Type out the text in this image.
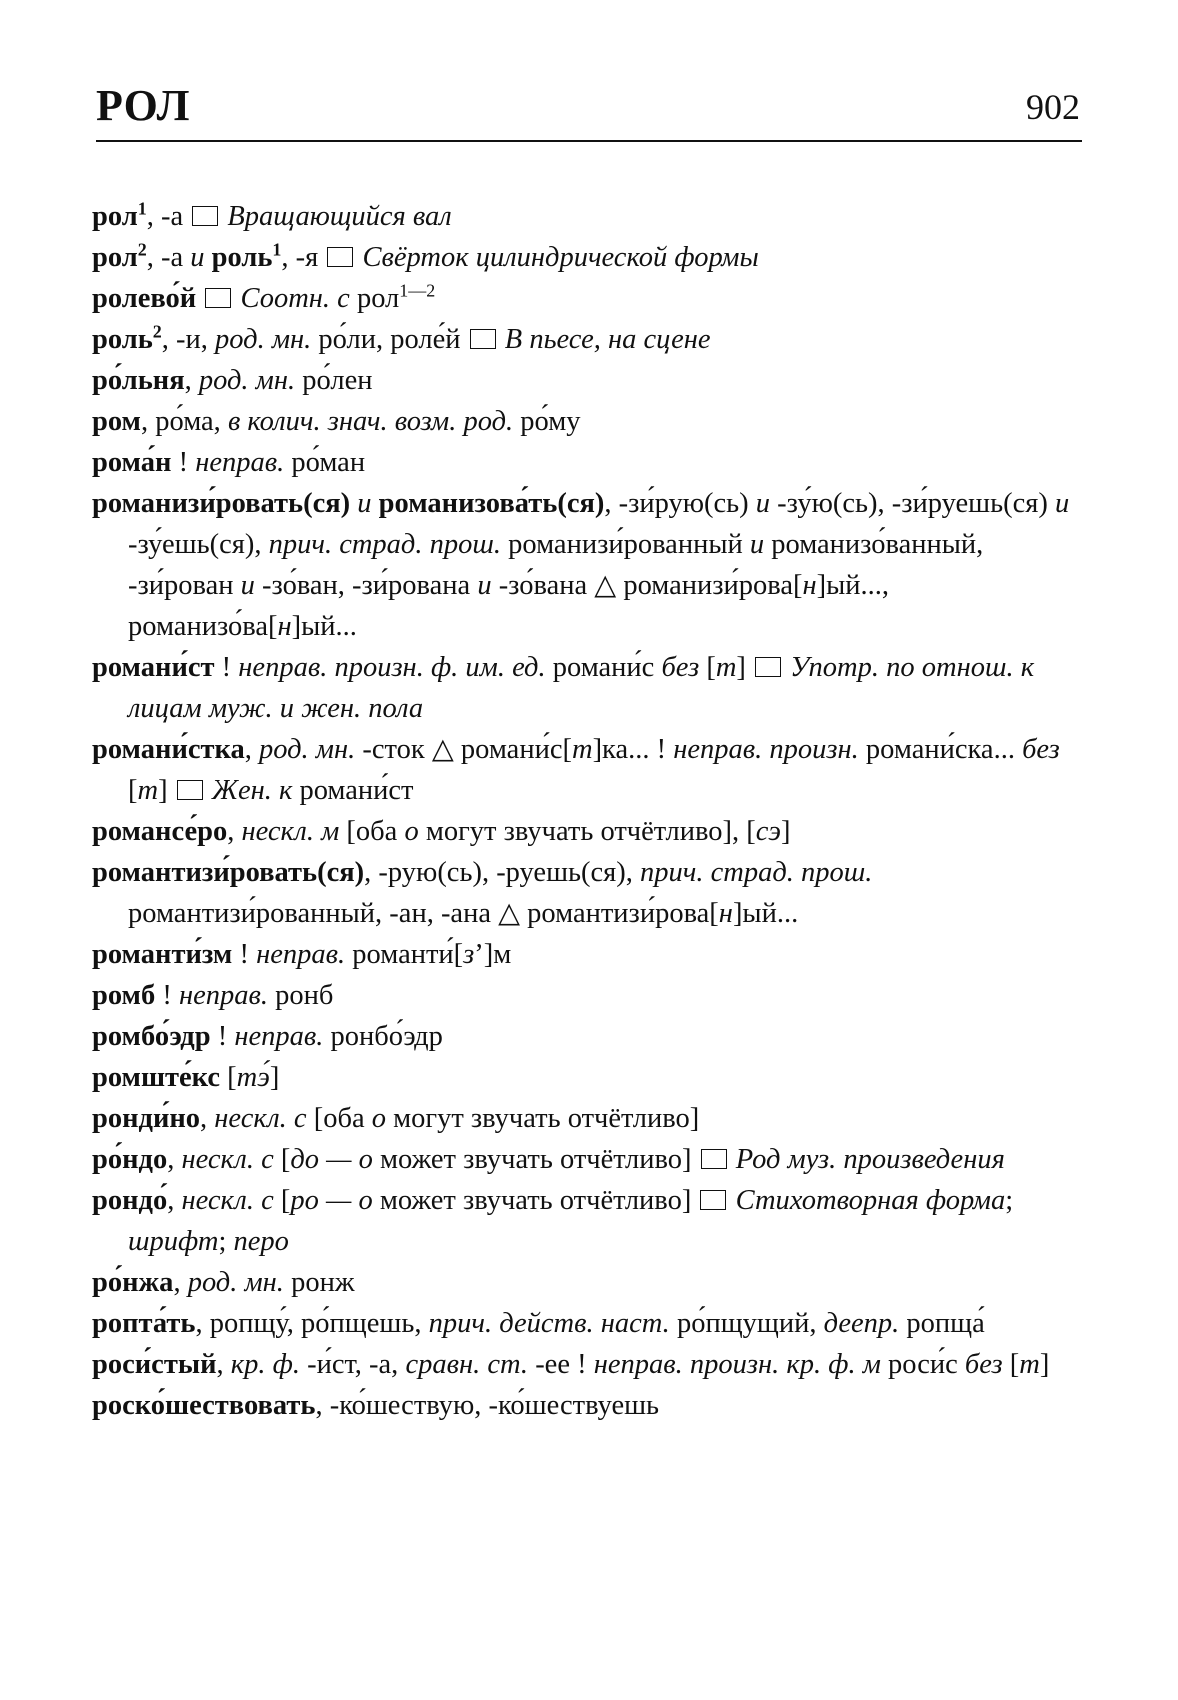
РОЛ	902

рол$^1$, -а  Вращающийся вал

рол$^2$, -а и роль$^1$, -я  Свёрток цилиндрической формы

ролево́й Соотн. с рол$^{1—2}$

роль$^2$, -и, род. мн. ро́ли, роле́й  В пьесе, на сцене

ро́льня, род. мн. ро́лен

ром, ро́ма, в колич. знач. возм. род. ро́му

рома́н ! неправ. ро́ман

романизи́ровать(ся) и романизова́ть(ся), -зи́рую(сь) и -зу́ю(сь), -зи́руешь(ся) и -зу́ешь(ся), прич. страд. прош. романизи́рованный и романизо́ванный, -зи́рован и -зо́ван, -зи́рована и -зо́вана △ романизи́рова[н]ый..., романизо́ва[н]ый...

романи́ст ! неправ. произн. ф. им. ед. романи́с без [т]  Употр. по отнош. к лицам муж. и жен. пола

романи́стка, род. мн. -сток △ романи́с[т]ка... ! неправ. произн. романи́ска... без [т]  Жен. к романи́ст

романсе́ро, нескл. м [оба о могут звучать отчётливо], [сэ]

романтизи́ровать(ся), -рую(сь), -руешь(ся), прич. страд. прош. романтизи́рованный, -ан, -ана △ романтизи́рова[н]ый...

романти́зм ! неправ. романти́[зʼ]м

ромб ! неправ. ронб

ромбо́эдр ! неправ. ронбо́эдр

ромште́кс [тэ́]

ронди́но, нескл. с [оба о могут звучать отчётливо]

ро́ндо, нескл. с [до — о может звучать отчётливо]  Род муз. произведения

рондо́, нескл. с [ро — о может звучать отчётливо]  Стихотворная форма; шрифт; перо

ро́нжа, род. мн. ронж

ропта́ть, ропщу́, ро́пщешь, прич. действ. наст. ро́пщущий, деепр. ропща́

роси́стый, кр. ф. -и́ст, -а, сравн. ст. -ее ! неправ. произн. кр. ф. м роси́с без [т]

роско́шествовать, -ко́шествую, -ко́шествуешь
